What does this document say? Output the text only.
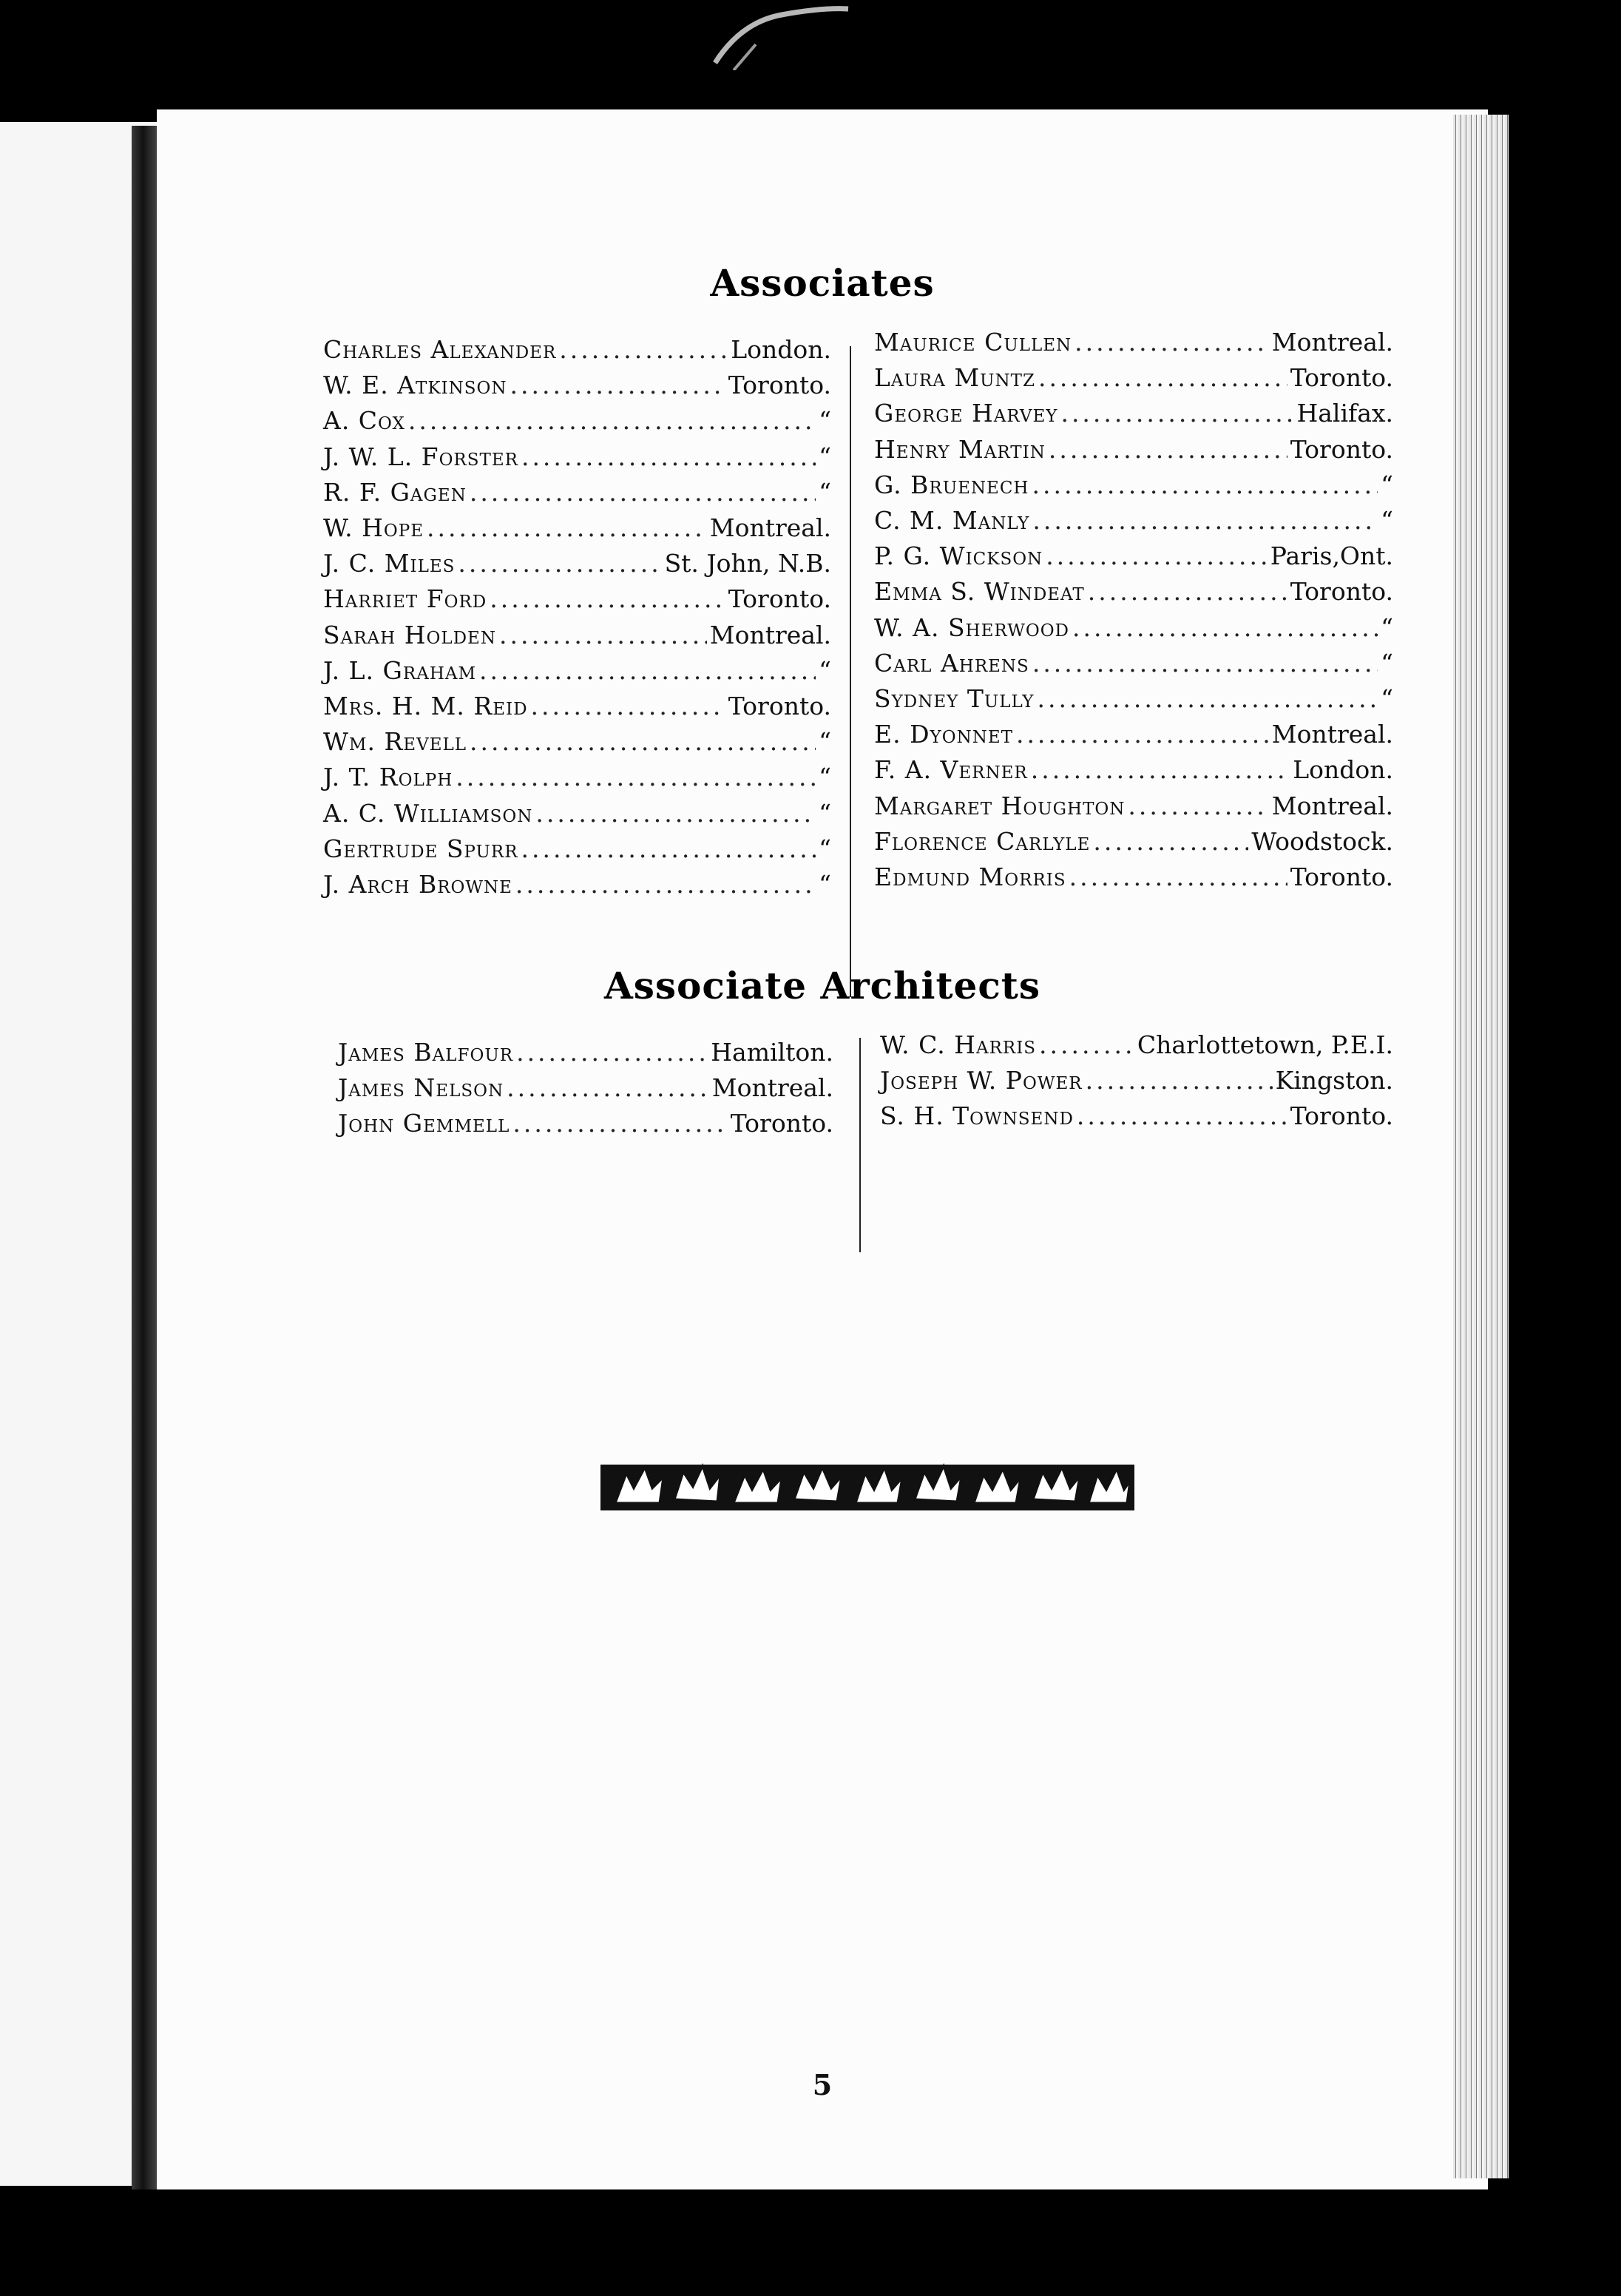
Associates
Charles Alexander .....	London.
W. E. Atkinson .....	Toronto.
A. Cox .....	“
J. W. L. Forster .....	“
R. F. Gagen .....	“
W. Hope .....	Montreal.
J. C. Miles .....	St. John, N.B.
Harriet Ford .....	Toronto.
Sarah Holden .....	Montreal.
J. L. Graham .....	“
Mrs. H. M. Reid .....	Toronto.
Wm. Revell .....	“
J. T. Rolph .....	“
A. C. Williamson .....	“
Gertrude Spurr .....	“
J. Arch Browne .....	“
Maurice Cullen .....	Montreal.
Laura Muntz .....	Toronto.
George Harvey .....	Halifax.
Henry Martin .....	Toronto.
G. Bruenech .....	“
C. M. Manly .....	“
P. G. Wickson .....	Paris,Ont.
Emma S. Windeat .....	Toronto.
W. A. Sherwood .....	“
Carl Ahrens .....	“
Sydney Tully .....	“
E. Dyonnet .....	Montreal.
F. A. Verner .....	London.
Margaret Houghton .....	Montreal.
Florence Carlyle .....	Woodstock.
Edmund Morris .....	Toronto.
Associate Architects
James Balfour .....	Hamilton.
James Nelson .....	Montreal.
John Gemmell .....	Toronto.
W. C. Harris .....	Charlottetown, P.E.I.
Joseph W. Power .....	Kingston.
S. H. Townsend .....	Toronto.
5
